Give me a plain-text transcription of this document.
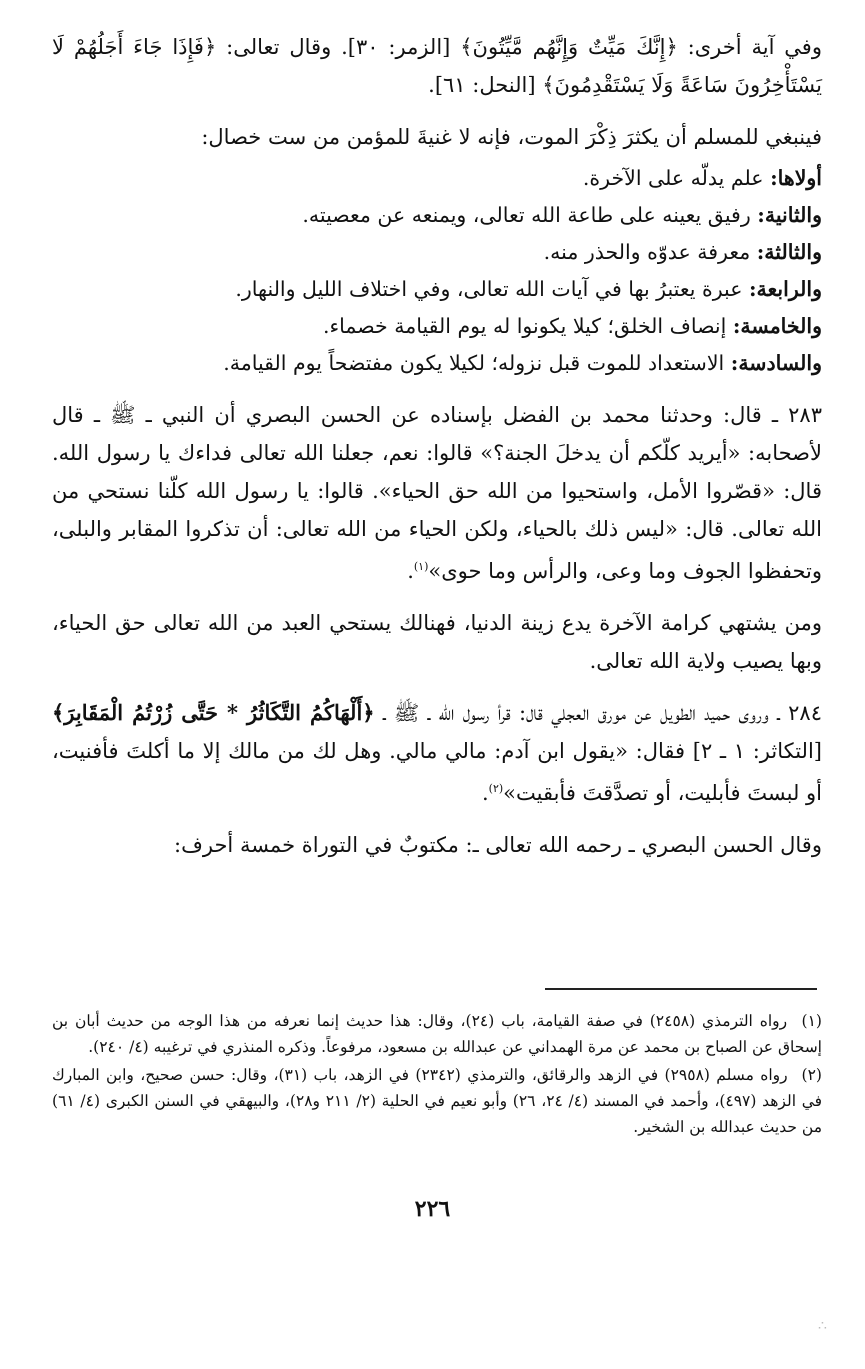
وفي آية أخرى: ﴿إِنَّكَ مَيِّتٌ وَإِنَّهُم مَّيِّتُونَ﴾ [الزمر: ٣٠]. وقال تعالى: ﴿فَإِذَا جَاءَ أَجَلُهُمْ لَا يَسْتَأْخِرُونَ سَاعَةً وَلَا يَسْتَقْدِمُونَ﴾ [النحل: ٦١].

فينبغي للمسلم أن يكثرَ ذِكْرَ الموت، فإنه لا غنيةَ للمؤمن من ست خصال:

أولاها: علم يدلّه على الآخرة.

والثانية: رفيق يعينه على طاعة الله تعالى، ويمنعه عن معصيته.

والثالثة: معرفة عدوّه والحذر منه.

والرابعة: عبرة يعتبرُ بها في آيات الله تعالى، وفي اختلاف الليل والنهار.

والخامسة: إنصاف الخلق؛ كيلا يكونوا له يوم القيامة خصماء.

والسادسة: الاستعداد للموت قبل نزوله؛ لكيلا يكون مفتضحاً يوم القيامة.

٢٨٣ ـ قال: وحدثنا محمد بن الفضل بإسناده عن الحسن البصري أن النبي ـ ﷺ ـ قال لأصحابه: «أيريد كلّكم أن يدخلَ الجنة؟» قالوا: نعم، جعلنا الله تعالى فداءك يا رسول الله. قال: «قصّروا الأمل، واستحيوا من الله حق الحياء». قالوا: يا رسول الله كلّنا نستحي من الله تعالى. قال: «ليس ذلك بالحياء، ولكن الحياء من الله تعالى: أن تذكروا المقابر والبلى، وتحفظوا الجوف وما وعى، والرأس وما حوى»$^{(١)}$.

ومن يشتهي كرامة الآخرة يدع زينة الدنيا، فهنالك يستحي العبد من الله تعالى حق الحياء، وبها يصيب ولاية الله تعالى.

٢٨٤ ـ وروى حميد الطويل عن مورق العجلي قال: قرأ رسول الله ـ ﷺ ـ ﴿أَلْهَاكُمُ التَّكَاثُرُ * حَتَّى زُرْتُمُ الْمَقَابِرَ﴾ [التكاثر: ١ ـ ٢] فقال: «يقول ابن آدم: مالي مالي. وهل لك من مالك إلا ما أكلتَ فأفنيت، أو لبستَ فأبليت، أو تصدَّقتَ فأبقيت»$^{(٢)}$.

وقال الحسن البصري ـ رحمه الله تعالى ـ: مكتوبٌ في التوراة خمسة أحرف:

(١) رواه الترمذي (٢٤٥٨) في صفة القيامة، باب (٢٤)، وقال: هذا حديث إنما نعرفه من هذا الوجه من حديث أبان بن إسحاق عن الصباح بن محمد عن مرة الهمداني عن عبدالله بن مسعود، مرفوعاً. وذكره المنذري في ترغيبه (٤/ ٢٤٠).

(٢) رواه مسلم (٢٩٥٨) في الزهد والرقائق، والترمذي (٢٣٤٢) في الزهد، باب (٣١)، وقال: حسن صحيح، وابن المبارك في الزهد (٤٩٧)، وأحمد في المسند (٤/ ٢٤، ٢٦) وأبو نعيم في الحلية (٢/ ٢١١ و٢٨)، والبيهقي في السنن الكبرى (٤/ ٦١) من حديث عبدالله بن الشخير.

٢٢٦
∴
